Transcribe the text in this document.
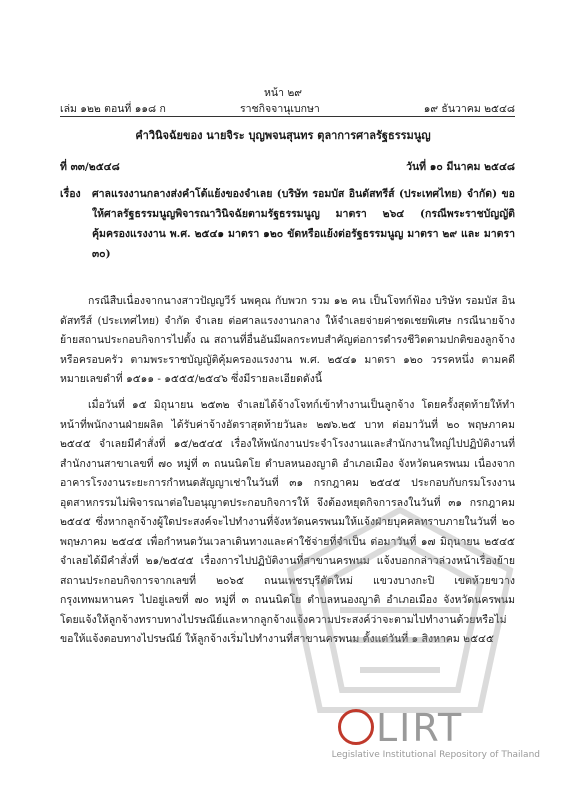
หน้า ๒๙
เล่ม ๑๒๒ ตอนที่ ๑๑๘ ก	ราชกิจจานุเบกษา	๑๙ ธันวาคม ๒๕๔๘
คำวินิจฉัยของ นายจิระ บุญพจนสุนทร ตุลาการศาลรัฐธรรมนูญ
ที่ ๓๓/๒๕๔๘	วันที่ ๑๐ มีนาคม ๒๕๔๘
เรื่อง ศาลแรงงานกลางส่งคำโต้แย้งของจำเลย (บริษัท รอมบัส อินดัสทรีส์ (ประเทศไทย) จำกัด) ขอให้ศาลรัฐธรรมนูญพิจารณาวินิจฉัยตามรัฐธรรมนูญ มาตรา ๒๖๔ (กรณีพระราชบัญญัติคุ้มครองแรงงาน พ.ศ. ๒๕๔๑ มาตรา ๑๒๐ ขัดหรือแย้งต่อรัฐธรรมนูญ มาตรา ๒๙ และ มาตรา ๓๐)
กรณีสืบเนื่องจากนางสาวปัญญวีร์ นพคุณ กับพวก รวม ๑๒ คน เป็นโจทก์ฟ้อง บริษัท รอมบัส อินดัสทรีส์ (ประเทศไทย) จำกัด จำเลย ต่อศาลแรงงานกลาง ให้จำเลยจ่ายค่าชดเชยพิเศษ กรณีนายจ้างย้ายสถานประกอบกิจการไปตั้ง ณ สถานที่อื่นอันมีผลกระทบสำคัญต่อการดำรงชีวิตตามปกติของลูกจ้างหรือครอบครัว ตามพระราชบัญญัติคุ้มครองแรงงาน พ.ศ. ๒๕๔๑ มาตรา ๑๒๐ วรรคหนึ่ง ตามคดีหมายเลขดำที่ ๑๕๑๑ - ๑๕๕๕/๒๕๔๖ ซึ่งมีรายละเอียดดังนี้
เมื่อวันที่ ๑๕ มิถุนายน ๒๕๓๒ จำเลยได้จ้างโจทก์เข้าทำงานเป็นลูกจ้าง โดยครั้งสุดท้ายให้ทำหน้าที่พนักงานฝ่ายผลิต ได้รับค่าจ้างอัตราสุดท้ายวันละ ๒๗๖.๒๕ บาท ต่อมาวันที่ ๒๐ พฤษภาคม ๒๕๔๕ จำเลยมีคำสั่งที่ ๑๕/๒๕๔๕ เรื่องให้พนักงานประจำโรงงานและสำนักงานใหญ่ไปปฏิบัติงานที่สำนักงานสาขาเลขที่ ๗๐ หมู่ที่ ๓ ถนนนิตโย ตำบลหนองญาติ อำเภอเมือง จังหวัดนครพนม เนื่องจากอาคารโรงงานระยะการกำหนดสัญญาเช่าในวันที่ ๓๑ กรกฎาคม ๒๕๔๕ ประกอบกับกรมโรงงานอุตสาหกรรมไม่พิจารณาต่อใบอนุญาตประกอบกิจการให้ จึงต้องหยุดกิจการลงในวันที่ ๓๑ กรกฎาคม ๒๕๔๕ ซึ่งหากลูกจ้างผู้ใดประสงค์จะไปทำงานที่จังหวัดนครพนมให้แจ้งฝ่ายบุคคลทราบภายในวันที่ ๒๐ พฤษภาคม ๒๕๔๕ เพื่อกำหนดวันเวลาเดินทางและค่าใช้จ่ายที่จำเป็น ต่อมาวันที่ ๑๗ มิถุนายน ๒๕๔๕ จำเลยได้มีคำสั่งที่ ๒๑/๒๕๔๕ เรื่องการไปปฏิบัติงานที่สาขานครพนม แจ้งบอกกล่าวล่วงหน้าเรื่องย้ายสถานประกอบกิจการจากเลขที่ ๒๐๖๕ ถนนเพชรบุรีตัดใหม่ แขวงบางกะปิ เขตห้วยขวาง กรุงเทพมหานคร ไปอยู่เลขที่ ๗๐ หมู่ที่ ๓ ถนนนิตโย ตำบลหนองญาติ อำเภอเมือง จังหวัดนครพนม โดยแจ้งให้ลูกจ้างทราบทางไปรษณีย์และหากลูกจ้างแจ้งความประสงค์ว่าจะตามไปทำงานด้วยหรือไม่ ขอให้แจ้งตอบทางไปรษณีย์ ให้ลูกจ้างเริ่มไปทำงานที่สาขานครพนม ตั้งแต่วันที่ ๑ สิงหาคม ๒๕๔๕
LIRT
Legislative Institutional Repository of Thailand
